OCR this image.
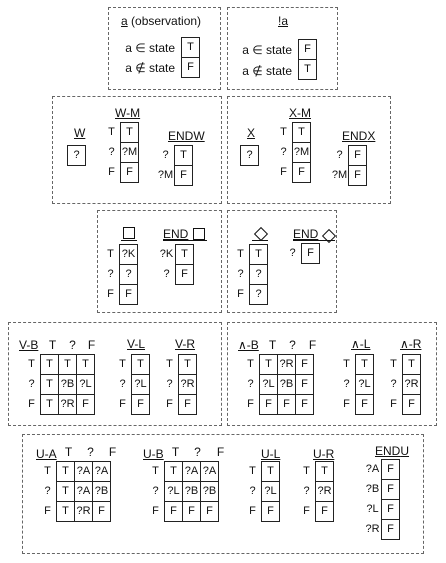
a (observation)
a ∈ state
a ∉ state
T
F
!a
a ∈ state
a ∉ state
F
T
W
?
W-M
T	T
?	?M
F	F
ENDW
?	T
?M	F
X
?
X-M
T	T
?	?M
F	F
ENDX
?	F
?M	F
T	?K
?	?
F	F
END
?K	T
?	F
T	T
?	?
F	?
END
?	F
V-B T	? F
T	T	T	T
?	T	?B	?L
F	T	?R	F
V-L
T	T
?	?L
F	F
V-R
T	T
?	?R
F	F
∧-B T	?	F
T	T	?R	F
?	?L	?B	F
F	F	F	F
∧-L
T	T
?	?L
F	F
∧-R
T	T
?	?R
F	F
U-A T	?	F
T	T	?A	?A
?	T	?A	?B
F	T	?R	F
U-B T	?	F
T	T	?A	?A
?	?L	?B	?B
F	F	F	F
U-L
T	T
?	?L
F	F
U-R
T	T
?	?R
F	F
ENDU
?A	F
?B	F
?L	F
?R	F
